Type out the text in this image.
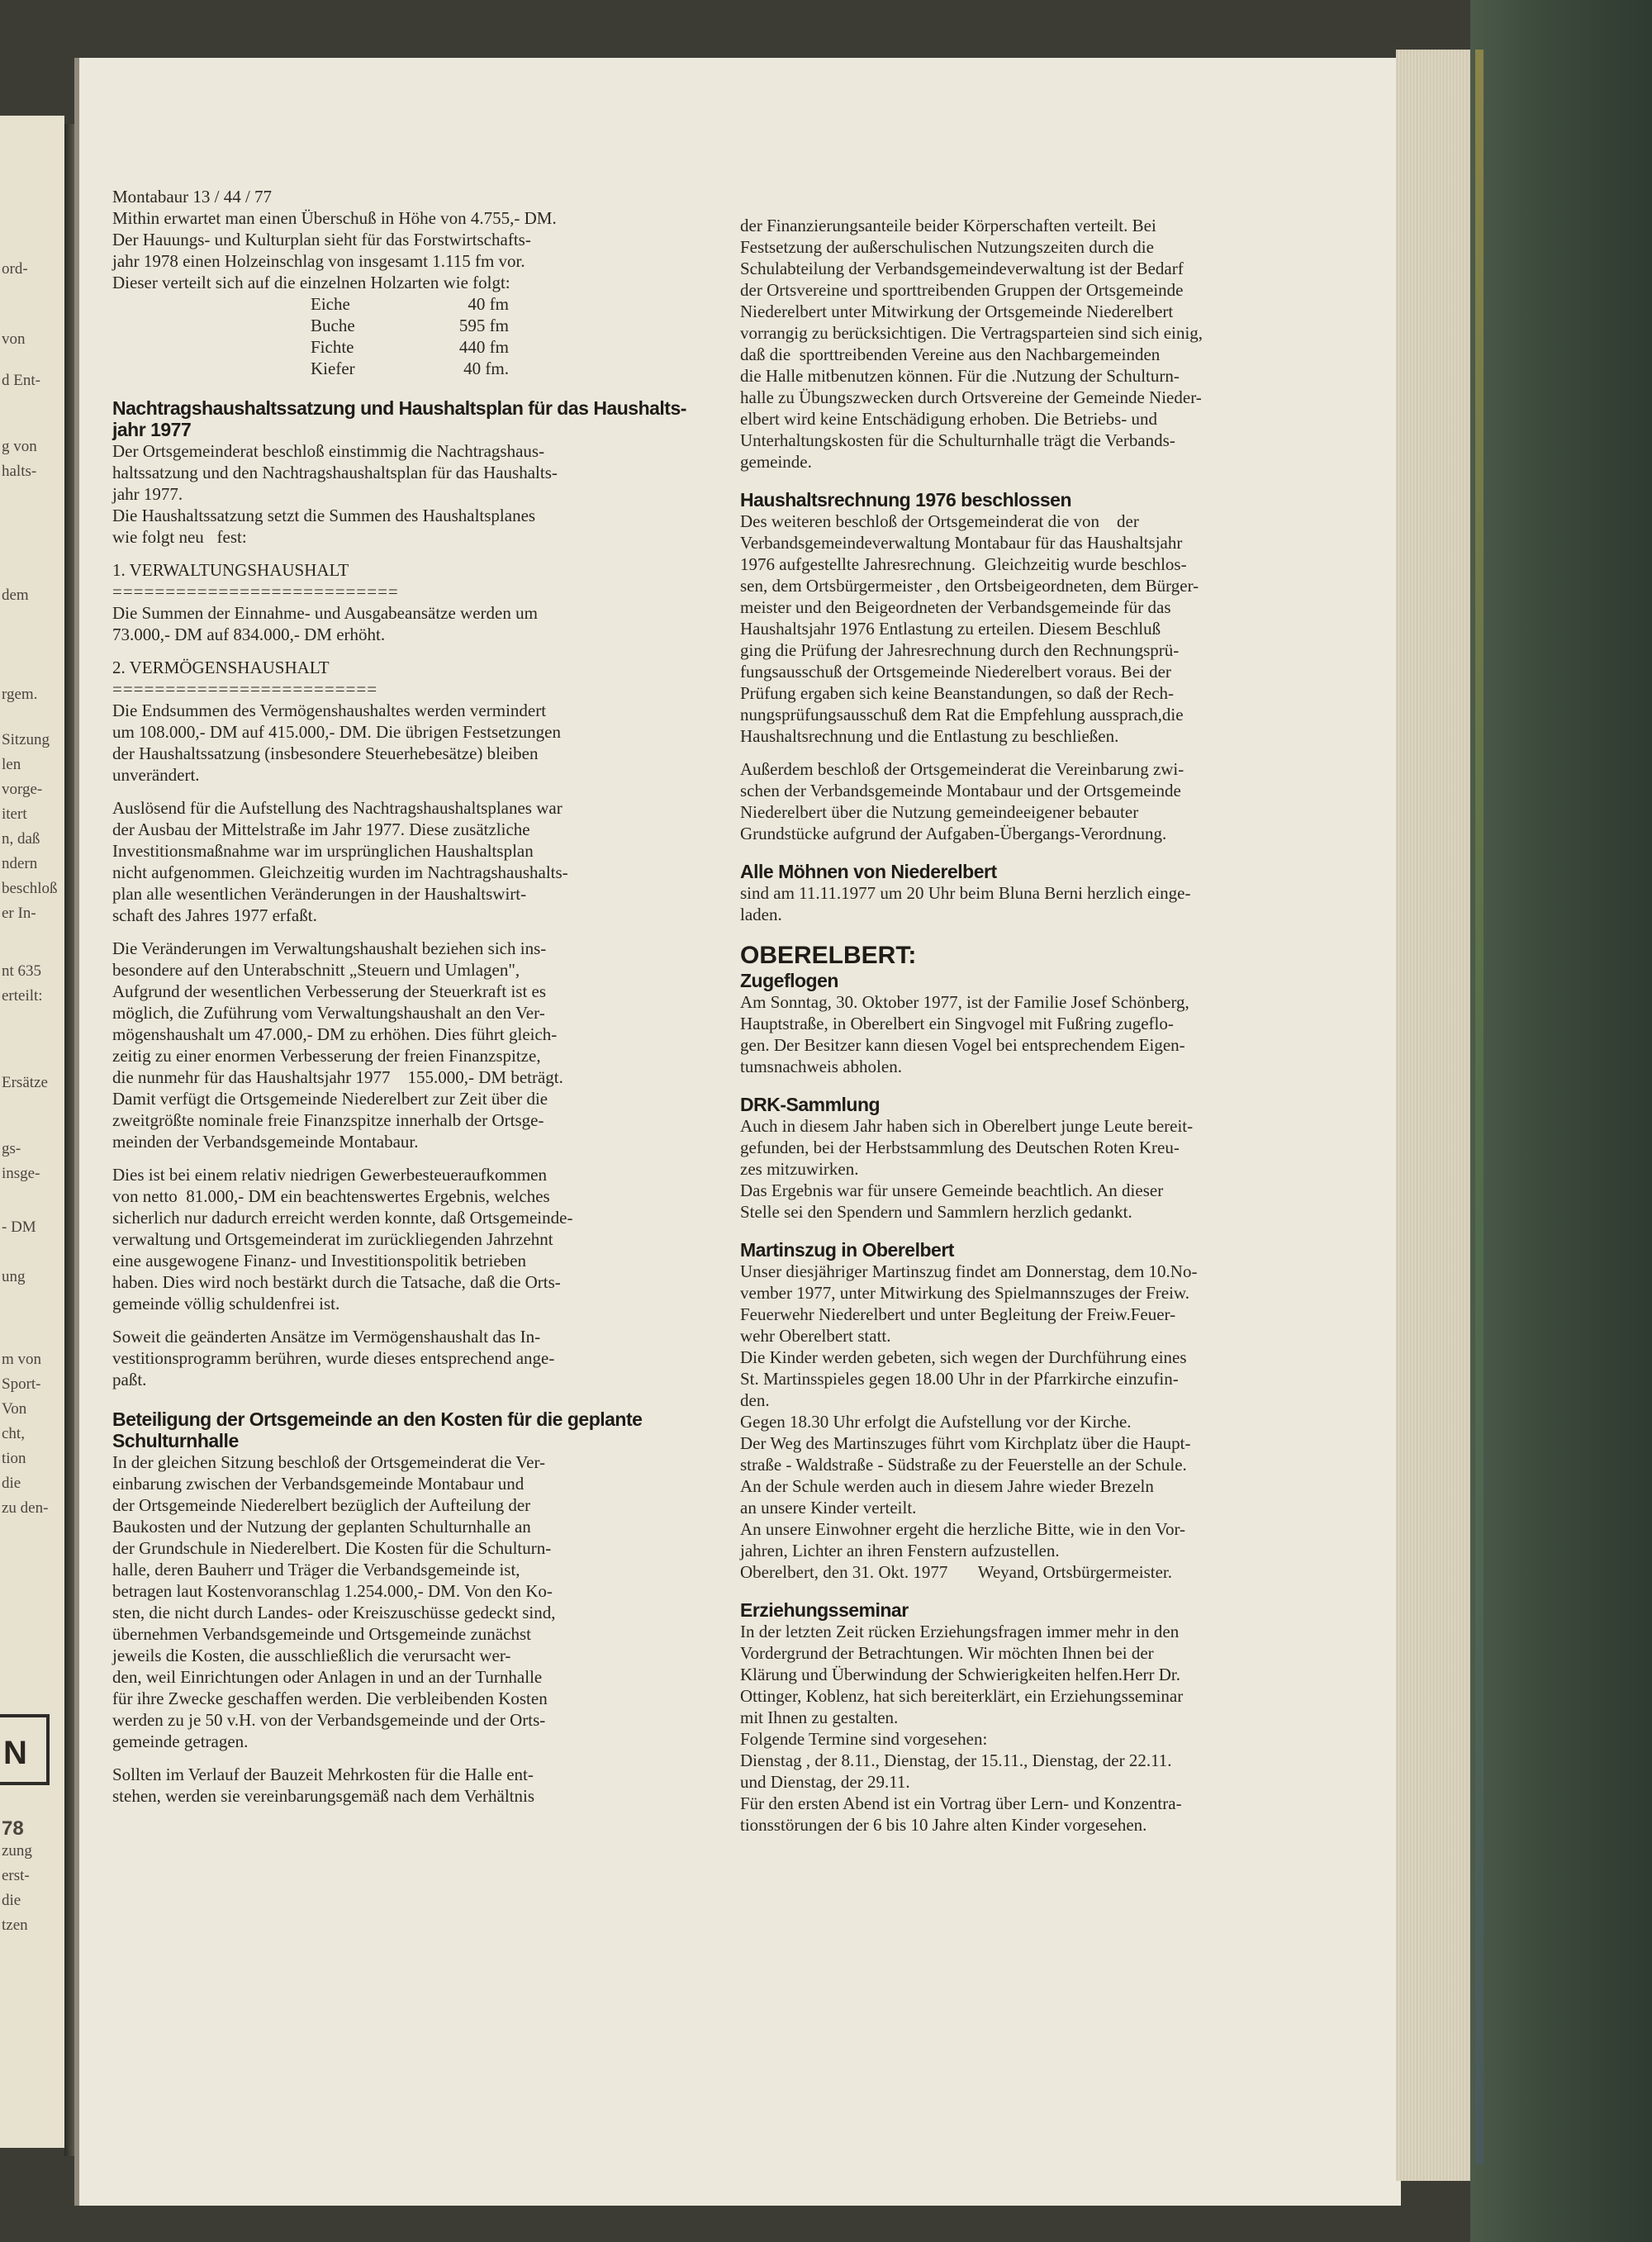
ord-
von
d Ent-
g von
halts-
dem
rgem.
Sitzung
len
vorge-
itert
n, daß
ndern
beschloß
er In-
nt 635
erteilt:
Ersätze
gs-
insge-
- DM
ung
m von
Sport-
Von
cht,
tion
die
zu den-
78
zung
erst-
die
tzen
N

Montabaur 13 / 44 / 77

Mithin erwartet man einen Überschuß in Höhe von 4.755,- DM.
Der Hauungs- und Kulturplan sieht für das Forstwirtschafts-
jahr 1978 einen Holzeinschlag von insgesamt 1.115 fm vor.
Dieser verteilt sich auf die einzelnen Holzarten wie folgt:
Eiche	40 fm
Buche	595 fm
Fichte	440 fm
Kiefer	40 fm.
Nachtragshaushaltssatzung und Haushaltsplan für das Haushalts-
jahr 1977
Der Ortsgemeinderat beschloß einstimmig die Nachtragshaus-
haltssatzung und den Nachtragshaushaltsplan für das Haushalts-
jahr 1977.
Die Haushaltssatzung setzt die Summen des Haushaltsplanes
wie folgt neu   fest:

1. VERWALTUNGSHAUSHALT

===========================

Die Summen der Einnahme- und Ausgabeansätze werden um
73.000,- DM auf 834.000,- DM erhöht.

2. VERMÖGENSHAUSHALT

=========================

Die Endsummen des Vermögenshaushaltes werden vermindert
um 108.000,- DM auf 415.000,- DM. Die übrigen Festsetzungen
der Haushaltssatzung (insbesondere Steuerhebesätze) bleiben
unverändert.
Auslösend für die Aufstellung des Nachtragshaushaltsplanes war
der Ausbau der Mittelstraße im Jahr 1977. Diese zusätzliche
Investitionsmaßnahme war im ursprünglichen Haushaltsplan
nicht aufgenommen. Gleichzeitig wurden im Nachtragshaushalts-
plan alle wesentlichen Veränderungen in der Haushaltswirt-
schaft des Jahres 1977 erfaßt.
Die Veränderungen im Verwaltungshaushalt beziehen sich ins-
besondere auf den Unterabschnitt „Steuern und Umlagen",
Aufgrund der wesentlichen Verbesserung der Steuerkraft ist es
möglich, die Zuführung vom Verwaltungshaushalt an den Ver-
mögenshaushalt um 47.000,- DM zu erhöhen. Dies führt gleich-
zeitig zu einer enormen Verbesserung der freien Finanzspitze,
die nunmehr für das Haushaltsjahr 1977    155.000,- DM beträgt.
Damit verfügt die Ortsgemeinde Niederelbert zur Zeit über die
zweitgrößte nominale freie Finanzspitze innerhalb der Ortsge-
meinden der Verbandsgemeinde Montabaur.
Dies ist bei einem relativ niedrigen Gewerbesteueraufkommen
von netto  81.000,- DM ein beachtenswertes Ergebnis, welches
sicherlich nur dadurch erreicht werden konnte, daß Ortsgemeinde-
verwaltung und Ortsgemeinderat im zurückliegenden Jahrzehnt
eine ausgewogene Finanz- und Investitionspolitik betrieben
haben. Dies wird noch bestärkt durch die Tatsache, daß die Orts-
gemeinde völlig schuldenfrei ist.
Soweit die geänderten Ansätze im Vermögenshaushalt das In-
vestitionsprogramm berühren, wurde dieses entsprechend ange-
paßt.
Beteiligung der Ortsgemeinde an den Kosten für die geplante
Schulturnhalle
In der gleichen Sitzung beschloß der Ortsgemeinderat die Ver-
einbarung zwischen der Verbandsgemeinde Montabaur und
der Ortsgemeinde Niederelbert bezüglich der Aufteilung der
Baukosten und der Nutzung der geplanten Schulturnhalle an
der Grundschule in Niederelbert. Die Kosten für die Schulturn-
halle, deren Bauherr und Träger die Verbandsgemeinde ist,
betragen laut Kostenvoranschlag 1.254.000,- DM. Von den Ko-
sten, die nicht durch Landes- oder Kreiszuschüsse gedeckt sind,
übernehmen Verbandsgemeinde und Ortsgemeinde zunächst
jeweils die Kosten, die ausschließlich die verursacht wer-
den, weil Einrichtungen oder Anlagen in und an der Turnhalle
für ihre Zwecke geschaffen werden. Die verbleibenden Kosten
werden zu je 50 v.H. von der Verbandsgemeinde und der Orts-
gemeinde getragen.
Sollten im Verlauf der Bauzeit Mehrkosten für die Halle ent-
stehen, werden sie vereinbarungsgemäß nach dem Verhältnis
der Finanzierungsanteile beider Körperschaften verteilt. Bei
Festsetzung der außerschulischen Nutzungszeiten durch die
Schulabteilung der Verbandsgemeindeverwaltung ist der Bedarf
der Ortsvereine und sporttreibenden Gruppen der Ortsgemeinde
Niederelbert unter Mitwirkung der Ortsgemeinde Niederelbert
vorrangig zu berücksichtigen. Die Vertragsparteien sind sich einig,
daß die  sporttreibenden Vereine aus den Nachbargemeinden
die Halle mitbenutzen können. Für die .Nutzung der Schulturn-
halle zu Übungszwecken durch Ortsvereine der Gemeinde Nieder-
elbert wird keine Entschädigung erhoben. Die Betriebs- und
Unterhaltungskosten für die Schulturnhalle trägt die Verbands-
gemeinde.

Haushaltsrechnung 1976 beschlossen

Des weiteren beschloß der Ortsgemeinderat die von    der
Verbandsgemeindeverwaltung Montabaur für das Haushaltsjahr
1976 aufgestellte Jahresrechnung.  Gleichzeitig wurde beschlos-
sen, dem Ortsbürgermeister , den Ortsbeigeordneten, dem Bürger-
meister und den Beigeordneten der Verbandsgemeinde für das
Haushaltsjahr 1976 Entlastung zu erteilen. Diesem Beschluß
ging die Prüfung der Jahresrechnung durch den Rechnungsprü-
fungsausschuß der Ortsgemeinde Niederelbert voraus. Bei der
Prüfung ergaben sich keine Beanstandungen, so daß der Rech-
nungsprüfungsausschuß dem Rat die Empfehlung aussprach,die
Haushaltsrechnung und die Entlastung zu beschließen.
Außerdem beschloß der Ortsgemeinderat die Vereinbarung zwi-
schen der Verbandsgemeinde Montabaur und der Ortsgemeinde
Niederelbert über die Nutzung gemeindeeigener bebauter
Grundstücke aufgrund der Aufgaben-Übergangs-Verordnung.

Alle Möhnen von Niederelbert

sind am 11.11.1977 um 20 Uhr beim Bluna Berni herzlich einge-
laden.

OBERELBERT:

Zugeflogen

Am Sonntag, 30. Oktober 1977, ist der Familie Josef Schönberg,
Hauptstraße, in Oberelbert ein Singvogel mit Fußring zugeflo-
gen. Der Besitzer kann diesen Vogel bei entsprechendem Eigen-
tumsnachweis abholen.

DRK-Sammlung

Auch in diesem Jahr haben sich in Oberelbert junge Leute bereit-
gefunden, bei der Herbstsammlung des Deutschen Roten Kreu-
zes mitzuwirken.
Das Ergebnis war für unsere Gemeinde beachtlich. An dieser
Stelle sei den Spendern und Sammlern herzlich gedankt.

Martinszug in Oberelbert

Unser diesjähriger Martinszug findet am Donnerstag, dem 10.No-
vember 1977, unter Mitwirkung des Spielmannszuges der Freiw.
Feuerwehr Niederelbert und unter Begleitung der Freiw.Feuer-
wehr Oberelbert statt.
Die Kinder werden gebeten, sich wegen der Durchführung eines
St. Martinsspieles gegen 18.00 Uhr in der Pfarrkirche einzufin-
den.
Gegen 18.30 Uhr erfolgt die Aufstellung vor der Kirche.
Der Weg des Martinszuges führt vom Kirchplatz über die Haupt-
straße - Waldstraße - Südstraße zu der Feuerstelle an der Schule.
An der Schule werden auch in diesem Jahre wieder Brezeln
an unsere Kinder verteilt.
An unsere Einwohner ergeht die herzliche Bitte, wie in den Vor-
jahren, Lichter an ihren Fenstern aufzustellen.
Oberelbert, den 31. Okt. 1977       Weyand, Ortsbürgermeister.

Erziehungsseminar

In der letzten Zeit rücken Erziehungsfragen immer mehr in den
Vordergrund der Betrachtungen. Wir möchten Ihnen bei der
Klärung und Überwindung der Schwierigkeiten helfen.Herr Dr.
Ottinger, Koblenz, hat sich bereiterklärt, ein Erziehungsseminar
mit Ihnen zu gestalten.
Folgende Termine sind vorgesehen:
Dienstag , der 8.11., Dienstag, der 15.11., Dienstag, der 22.11.
und Dienstag, der 29.11.
Für den ersten Abend ist ein Vortrag über Lern- und Konzentra-
tionsstörungen der 6 bis 10 Jahre alten Kinder vorgesehen.
